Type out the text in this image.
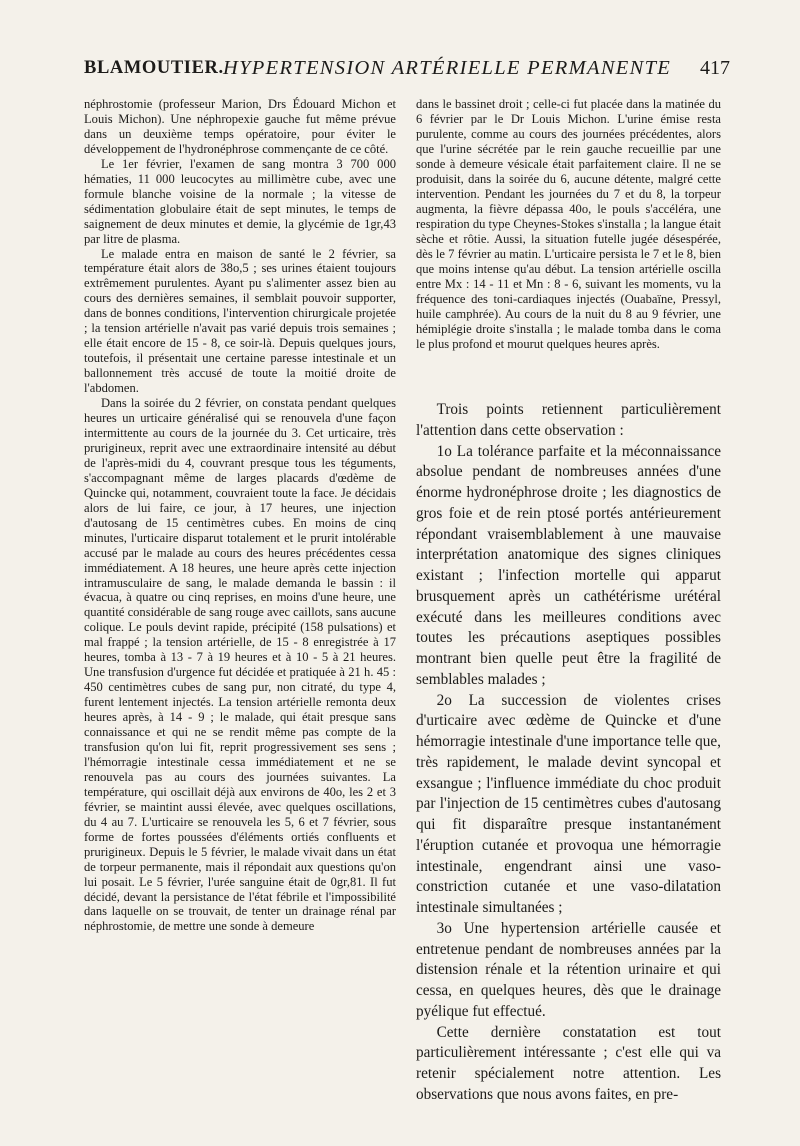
BLAMOUTIER. HYPERTENSION ARTÉRIELLE PERMANENTE 417

néphrostomie (professeur Marion, Drs Édouard Michon et Louis Michon). Une néphropexie gauche fut même prévue dans un deuxième temps opératoire, pour éviter le développement de l'hydronéphrose commençante de ce côté.

Le 1er février, l'examen de sang montra 3 700 000 hématies, 11 000 leucocytes au millimètre cube, avec une formule blanche voisine de la normale ; la vitesse de sédimentation globulaire était de sept minutes, le temps de saignement de deux minutes et demie, la glycémie de 1gr,43 par litre de plasma.

Le malade entra en maison de santé le 2 février, sa température était alors de 38o,5 ; ses urines étaient toujours extrêmement purulentes. Ayant pu s'alimenter assez bien au cours des dernières semaines, il semblait pouvoir supporter, dans de bonnes conditions, l'intervention chirurgicale projetée ; la tension artérielle n'avait pas varié depuis trois semaines ; elle était encore de 15 - 8, ce soir-là. Depuis quelques jours, toutefois, il présentait une certaine paresse intestinale et un ballonnement très accusé de toute la moitié droite de l'abdomen.

Dans la soirée du 2 février, on constata pendant quelques heures un urticaire généralisé qui se renouvela d'une façon intermittente au cours de la journée du 3. Cet urticaire, très prurigineux, reprit avec une extraordinaire intensité au début de l'après-midi du 4, couvrant presque tous les téguments, s'accompagnant même de larges placards d'œdème de Quincke qui, notamment, couvraient toute la face. Je décidais alors de lui faire, ce jour, à 17 heures, une injection d'autosang de 15 centimètres cubes. En moins de cinq minutes, l'urticaire disparut totalement et le prurit intolérable accusé par le malade au cours des heures précédentes cessa immédiatement. A 18 heures, une heure après cette injection intramusculaire de sang, le malade demanda le bassin : il évacua, à quatre ou cinq reprises, en moins d'une heure, une quantité considérable de sang rouge avec caillots, sans aucune colique. Le pouls devint rapide, précipité (158 pulsations) et mal frappé ; la tension artérielle, de 15 - 8 enregistrée à 17 heures, tomba à 13 - 7 à 19 heures et à 10 - 5 à 21 heures. Une transfusion d'urgence fut décidée et pratiquée à 21 h. 45 : 450 centimètres cubes de sang pur, non citraté, du type 4, furent lentement injectés. La tension artérielle remonta deux heures après, à 14 - 9 ; le malade, qui était presque sans connaissance et qui ne se rendit même pas compte de la transfusion qu'on lui fit, reprit progressivement ses sens ; l'hémorragie intestinale cessa immédiatement et ne se renouvela pas au cours des journées suivantes. La température, qui oscillait déjà aux environs de 40o, les 2 et 3 février, se maintint aussi élevée, avec quelques oscillations, du 4 au 7. L'urticaire se renouvela les 5, 6 et 7 février, sous forme de fortes poussées d'éléments ortiés confluents et prurigineux. Depuis le 5 février, le malade vivait dans un état de torpeur permanente, mais il répondait aux questions qu'on lui posait. Le 5 février, l'urée sanguine était de 0gr,81. Il fut décidé, devant la persistance de l'état fébrile et l'impossibilité dans laquelle on se trouvait, de tenter un drainage rénal par néphrostomie, de mettre une sonde à demeure

dans le bassinet droit ; celle-ci fut placée dans la matinée du 6 février par le Dr Louis Michon. L'urine émise resta purulente, comme au cours des journées précédentes, alors que l'urine sécrétée par le rein gauche recueillie par une sonde à demeure vésicale était parfaitement claire. Il ne se produisit, dans la soirée du 6, aucune détente, malgré cette intervention. Pendant les journées du 7 et du 8, la torpeur augmenta, la fièvre dépassa 40o, le pouls s'accéléra, une respiration du type Cheynes-Stokes s'installa ; la langue était sèche et rôtie. Aussi, la situation futelle jugée désespérée, dès le 7 février au matin. L'urticaire persista le 7 et le 8, bien que moins intense qu'au début. La tension artérielle oscilla entre Mx : 14 - 11 et Mn : 8 - 6, suivant les moments, vu la fréquence des toni-cardiaques injectés (Ouabaïne, Pressyl, huile camphrée). Au cours de la nuit du 8 au 9 février, une hémiplégie droite s'installa ; le malade tomba dans le coma le plus profond et mourut quelques heures après.

Trois points retiennent particulièrement l'attention dans cette observation :

1o La tolérance parfaite et la méconnaissance absolue pendant de nombreuses années d'une énorme hydronéphrose droite ; les diagnostics de gros foie et de rein ptosé portés antérieurement répondant vraisemblablement à une mauvaise interprétation anatomique des signes cliniques existant ; l'infection mortelle qui apparut brusquement après un cathétérisme urétéral exécuté dans les meilleures conditions avec toutes les précautions aseptiques possibles montrant bien quelle peut être la fragilité de semblables malades ;

2o La succession de violentes crises d'urticaire avec œdème de Quincke et d'une hémorragie intestinale d'une importance telle que, très rapidement, le malade devint syncopal et exsangue ; l'influence immédiate du choc produit par l'injection de 15 centimètres cubes d'autosang qui fit disparaître presque instantanément l'éruption cutanée et provoqua une hémorragie intestinale, engendrant ainsi une vaso-constriction cutanée et une vaso-dilatation intestinale simultanées ;

3o Une hypertension artérielle causée et entretenue pendant de nombreuses années par la distension rénale et la rétention urinaire et qui cessa, en quelques heures, dès que le drainage pyélique fut effectué.

Cette dernière constatation est tout particulièrement intéressante ; c'est elle qui va retenir spécialement notre attention. Les observations que nous avons faites, en pre-
